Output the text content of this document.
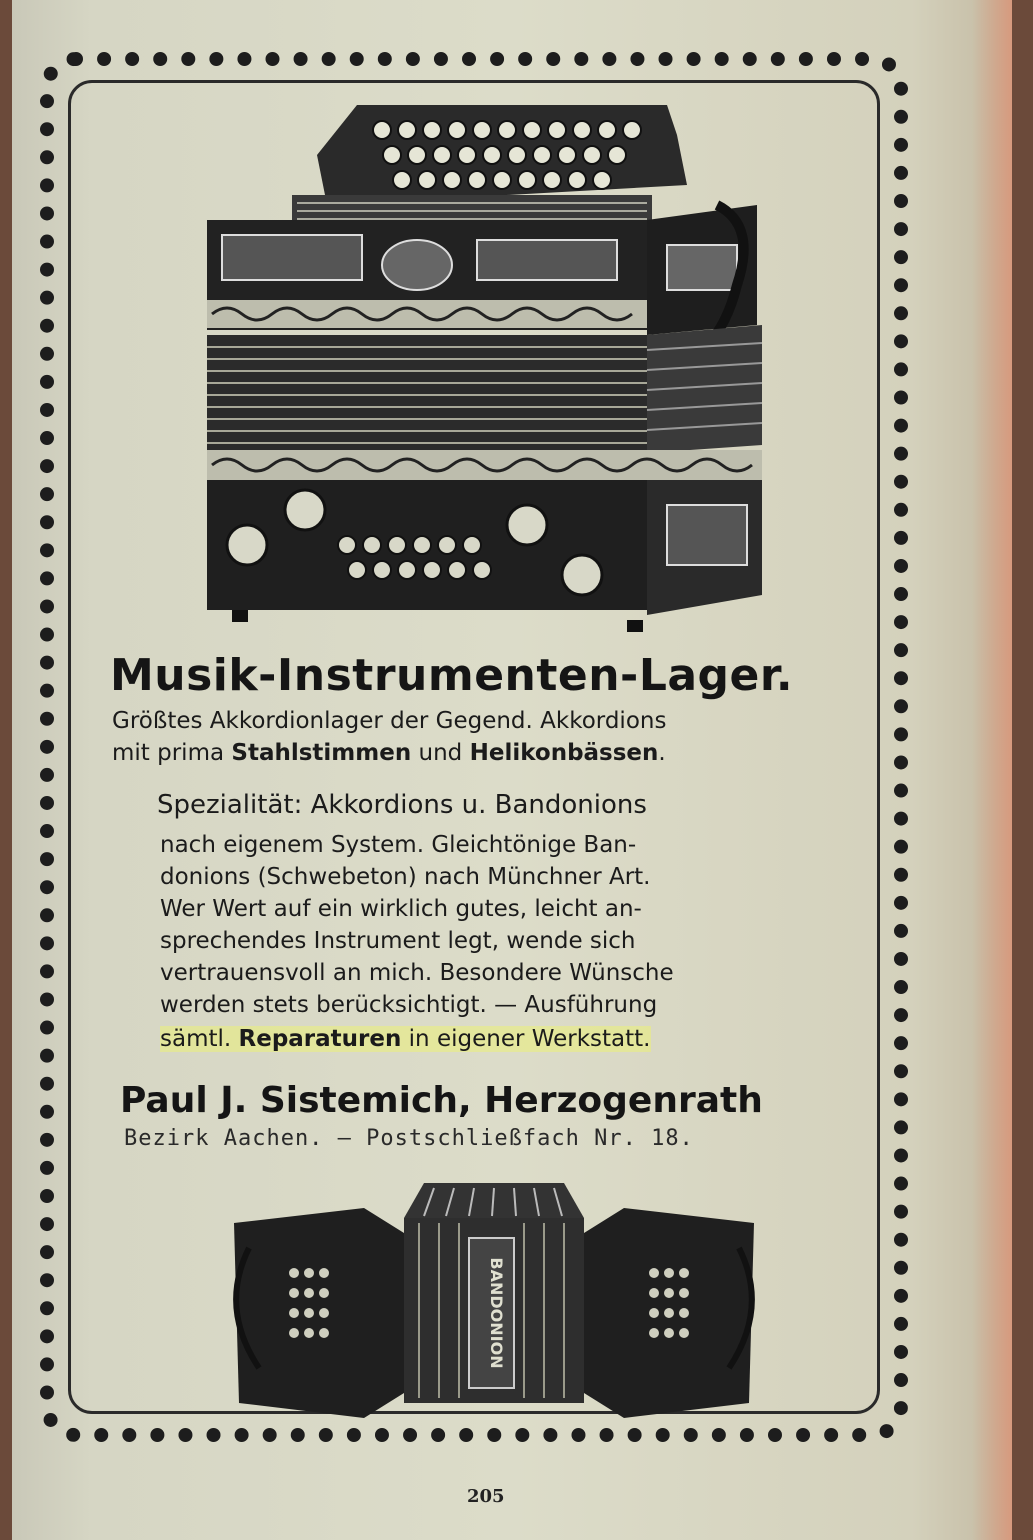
Musik-Instrumenten-Lager.
Größtes Akkordionlager der Gegend. Akkordions
mit prima Stahlstimmen und Helikonbässen.
Spezialität: Akkordions u. Bandonions
nach eigenem System. Gleichtönige Ban-
donions (Schwebeton) nach Münchner Art.
Wer Wert auf ein wirklich gutes, leicht an-
sprechendes Instrument legt, wende sich
vertrauensvoll an mich. Besondere Wünsche
werden stets berücksichtigt. — Ausführung
sämtl. Reparaturen in eigener Werkstatt.
Paul J. Sistemich, Herzogenrath
Bezirk Aachen. — Postschließfach Nr. 18.
BANDONION
205
